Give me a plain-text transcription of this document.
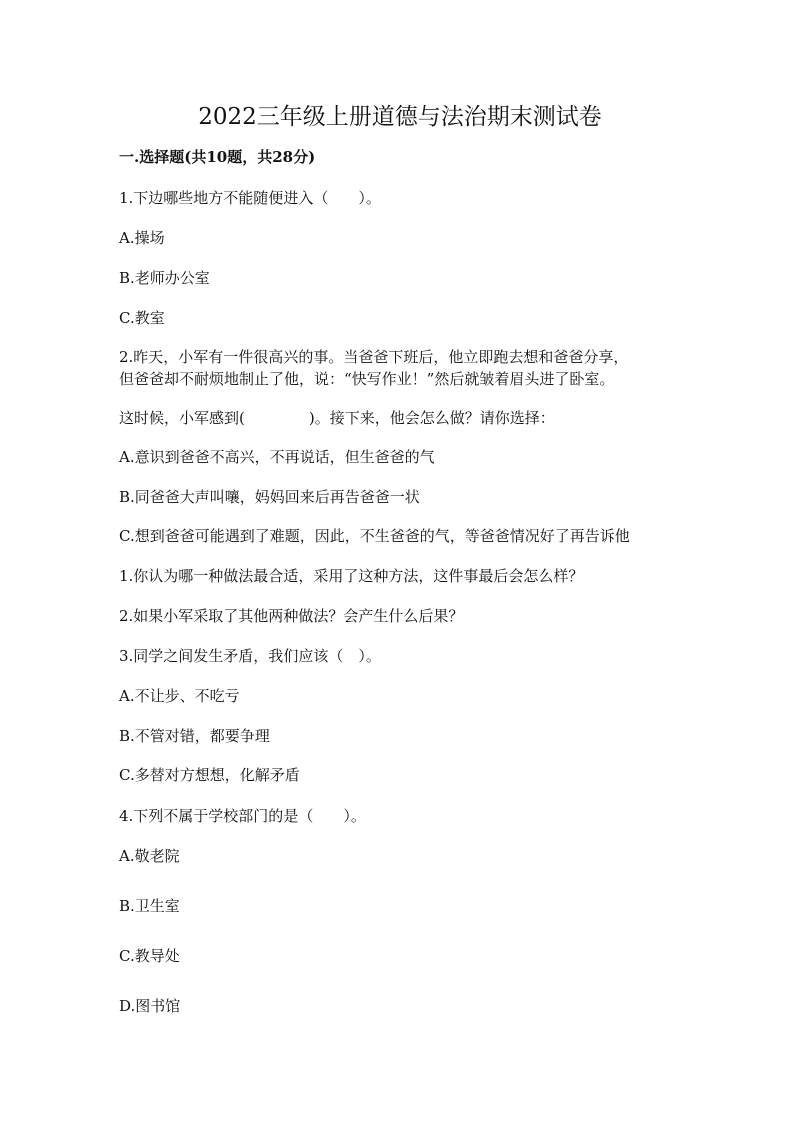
2022三年级上册道德与法治期末测试卷
一.选择题(共10题，共28分)
1.下边哪些地方不能随便进入（　　）。
A.操场
B.老师办公室
C.教室
2.昨天，小军有一件很高兴的事。当爸爸下班后，他立即跑去想和爸爸分享，
但爸爸却不耐烦地制止了他，说：“快写作业！”然后就皱着眉头进了卧室。
这时候，小军感到(	)。接下来，他会怎么做？请你选择：
A.意识到爸爸不高兴，不再说话，但生爸爸的气
B.同爸爸大声叫嚷，妈妈回来后再告爸爸一状
C.想到爸爸可能遇到了难题，因此，不生爸爸的气，等爸爸情况好了再告诉他
1.你认为哪一种做法最合适，采用了这种方法，这件事最后会怎么样？
2.如果小军采取了其他两种做法？会产生什么后果？
3.同学之间发生矛盾，我们应该（　）。
A.不让步、不吃亏
B.不管对错，都要争理
C.多替对方想想，化解矛盾
4.下列不属于学校部门的是（　　）。
A.敬老院
B.卫生室
C.教导处
D.图书馆
